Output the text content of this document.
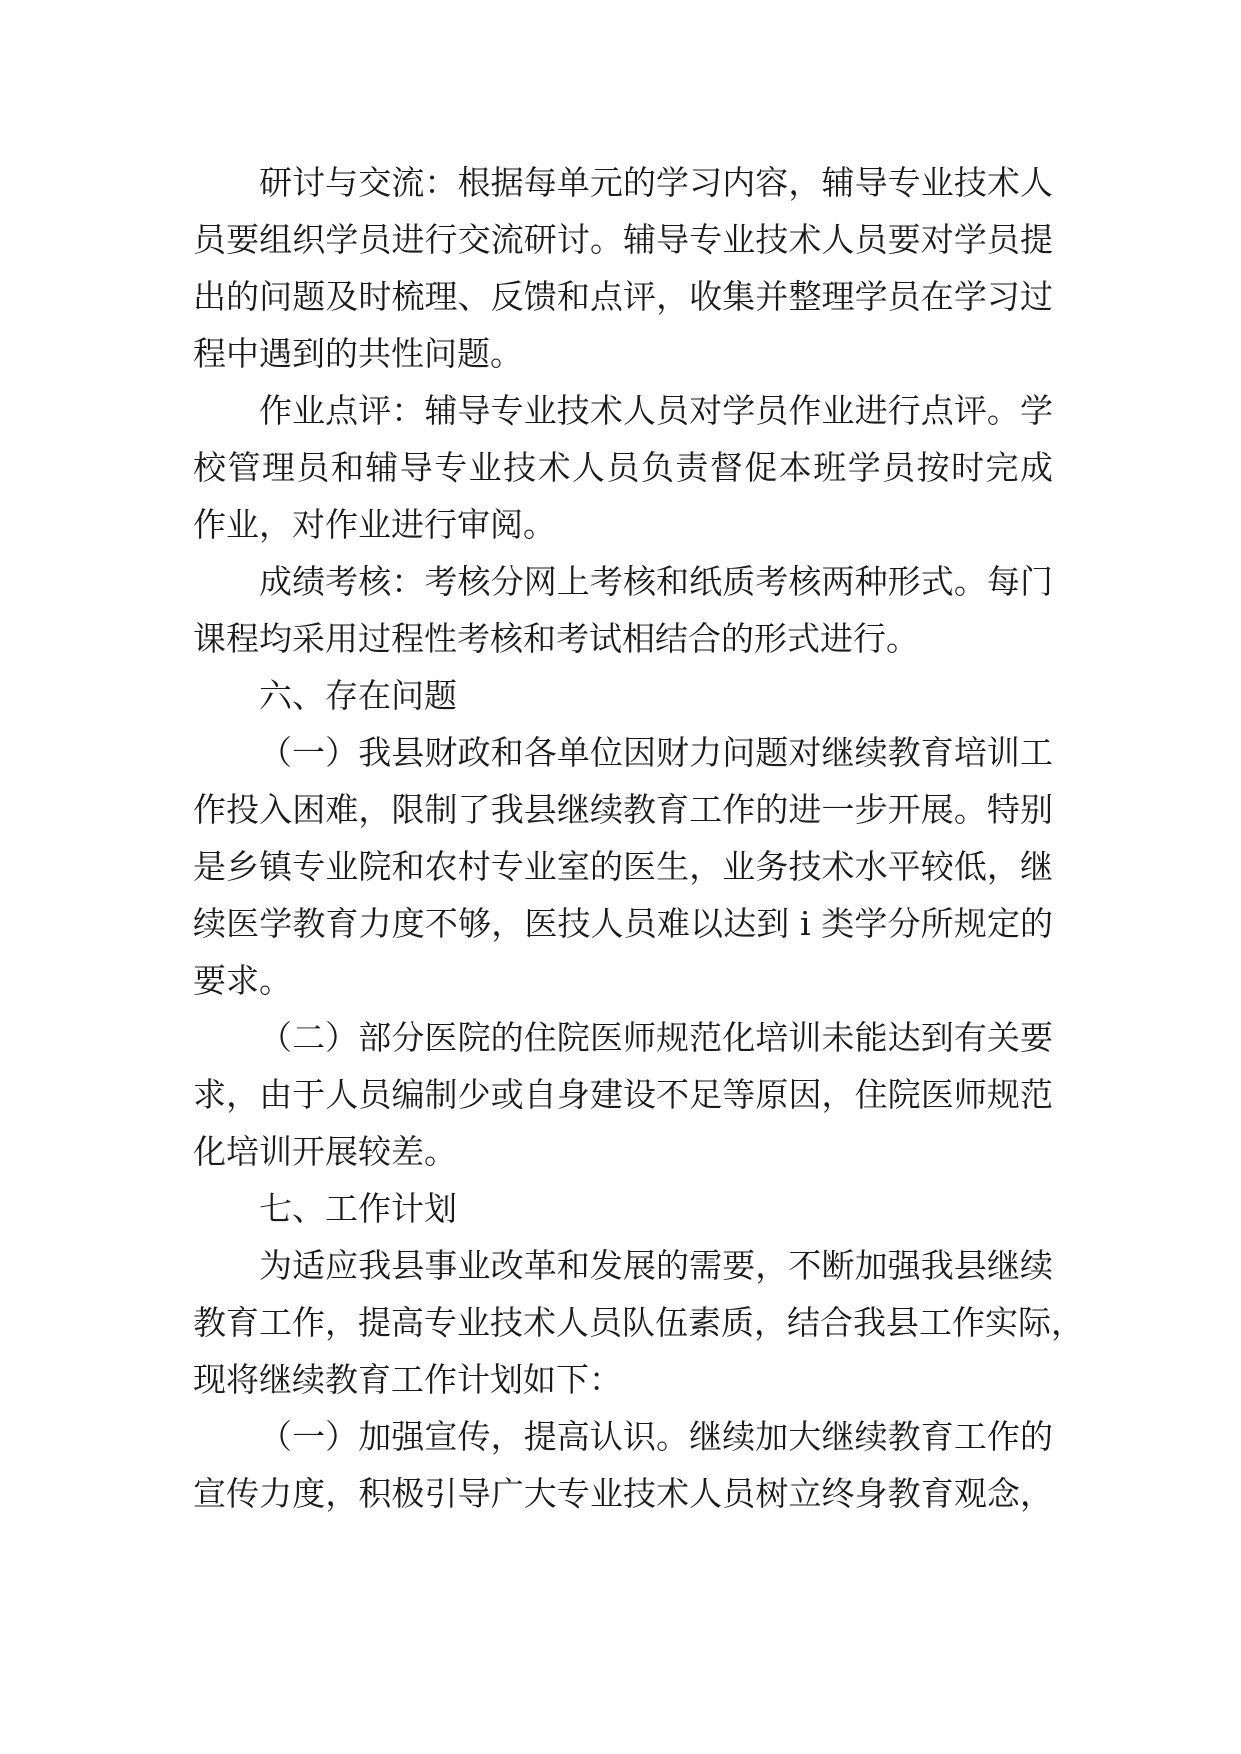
研讨与交流：根据每单元的学习内容，辅导专业技术人
员要组织学员进行交流研讨。辅导专业技术人员要对学员提
出的问题及时梳理、反馈和点评，收集并整理学员在学习过
程中遇到的共性问题。
作业点评：辅导专业技术人员对学员作业进行点评。学
校管理员和辅导专业技术人员负责督促本班学员按时完成
作业，对作业进行审阅。
成绩考核：考核分网上考核和纸质考核两种形式。每门
课程均采用过程性考核和考试相结合的形式进行。
六、存在问题
（一）我县财政和各单位因财力问题对继续教育培训工
作投入困难，限制了我县继续教育工作的进一步开展。特别
是乡镇专业院和农村专业室的医生，业务技术水平较低，继
续医学教育力度不够，医技人员难以达到 i 类学分所规定的
要求。
（二）部分医院的住院医师规范化培训未能达到有关要
求，由于人员编制少或自身建设不足等原因，住院医师规范
化培训开展较差。
七、工作计划
为适应我县事业改革和发展的需要，不断加强我县继续
教育工作，提高专业技术人员队伍素质，结合我县工作实际，
现将继续教育工作计划如下：
（一）加强宣传，提高认识。继续加大继续教育工作的
宣传力度，积极引导广大专业技术人员树立终身教育观念，
